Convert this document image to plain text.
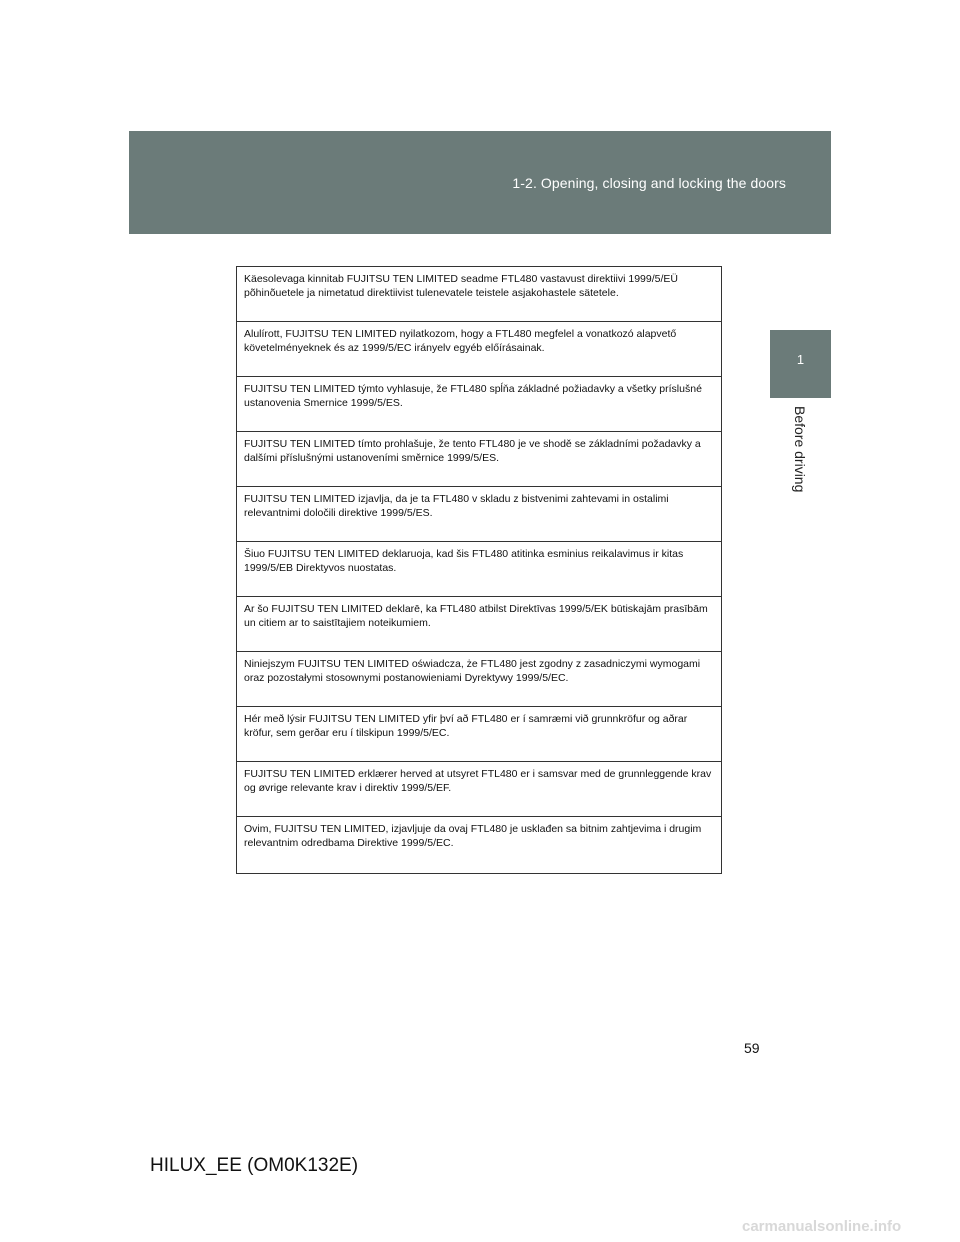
1-2. Opening, closing and locking the doors
1
Before driving
Käesolevaga kinnitab FUJITSU TEN LIMITED seadme FTL480 vastavust direktiivi 1999/5/EÜ põhinõuetele ja nimetatud direktiivist tulenevatele teistele asjakohastele sätetele.
Alulírott, FUJITSU TEN LIMITED nyilatkozom, hogy a FTL480 megfelel a vonatkozó alapvető követelményeknek és az 1999/5/EC irányelv egyéb előírásainak.
FUJITSU TEN LIMITED týmto vyhlasuje, že FTL480 spĺňa základné požiadavky a všetky príslušné ustanovenia Smernice 1999/5/ES.
FUJITSU TEN LIMITED tímto prohlašuje, že tento FTL480 je ve shodě se základními požadavky a dalšími příslušnými ustanoveními směrnice 1999/5/ES.
FUJITSU TEN LIMITED izjavlja, da je ta FTL480 v skladu z bistvenimi zahtevami in ostalimi relevantnimi določili direktive 1999/5/ES.
Šiuo FUJITSU TEN LIMITED deklaruoja, kad šis FTL480 atitinka esminius reikalavimus ir kitas 1999/5/EB Direktyvos nuostatas.
Ar šo FUJITSU TEN LIMITED deklarē, ka FTL480 atbilst Direktīvas 1999/5/EK būtiskajām prasībām un citiem ar to saistītajiem noteikumiem.
Niniejszym FUJITSU TEN LIMITED oświadcza, że FTL480 jest zgodny z zasadniczymi wymogami oraz pozostałymi stosownymi postanowieniami Dyrektywy 1999/5/EC.
Hér með lýsir FUJITSU TEN LIMITED yfir því að FTL480 er í samræmi við grunnkröfur og aðrar kröfur, sem gerðar eru í tilskipun 1999/5/EC.
FUJITSU TEN LIMITED erklærer herved at utsyret FTL480 er i samsvar med de grunnleggende krav og øvrige relevante krav i direktiv 1999/5/EF.
Ovim, FUJITSU TEN LIMITED, izjavljuje da ovaj FTL480 je usklađen sa bitnim zahtjevima i drugim relevantnim odredbama Direktive 1999/5/EC.
59
HILUX_EE (OM0K132E)
carmanualsonline.info
